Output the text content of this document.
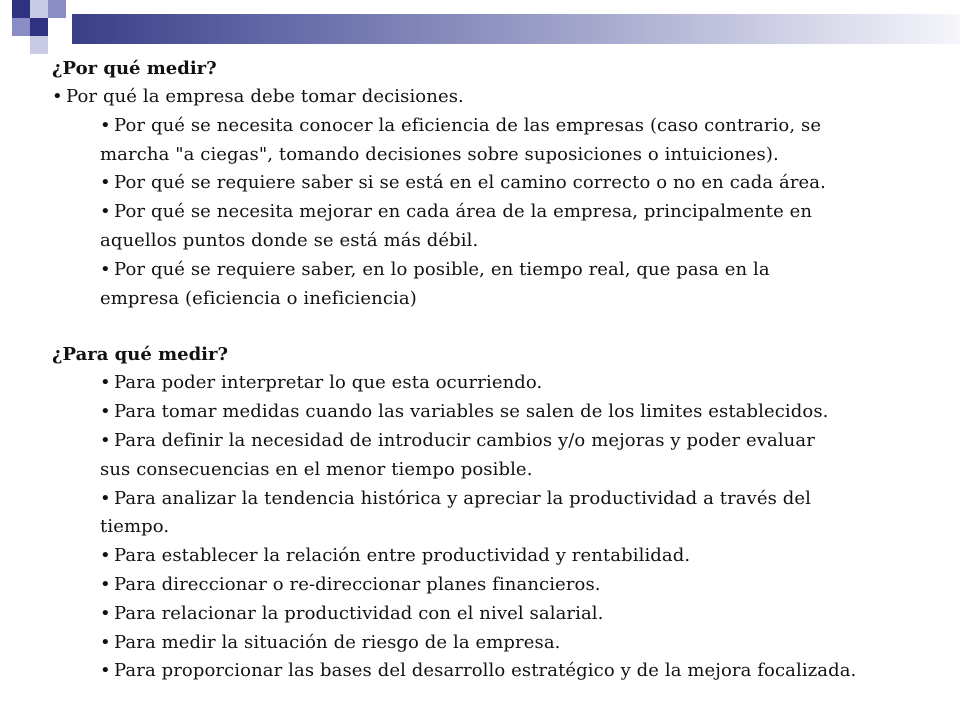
¿Por qué medir?

• Por qué la empresa debe tomar decisiones.

• Por qué se necesita conocer la eficiencia de las empresas (caso contrario, se

marcha "a ciegas", tomando decisiones sobre suposiciones o intuiciones).

• Por qué se requiere saber si se está en el camino correcto o no en cada área.

• Por qué se necesita mejorar en cada área de la empresa, principalmente en

aquellos puntos donde se está más débil.

• Por qué se requiere saber, en lo posible, en tiempo real, que pasa en la

empresa (eficiencia o ineficiencia)

¿Para qué medir?

• Para poder interpretar lo que esta ocurriendo.

• Para tomar medidas cuando las variables se salen de los limites establecidos.

• Para definir la necesidad de introducir cambios y/o mejoras y poder evaluar

sus consecuencias en el menor tiempo posible.

• Para analizar la tendencia histórica y apreciar la productividad a través del

tiempo.

• Para establecer la relación entre productividad y rentabilidad.

• Para direccionar o re-direccionar planes financieros.

• Para relacionar la productividad con el nivel salarial.

• Para medir la situación de riesgo de la empresa.

• Para proporcionar las bases del desarrollo estratégico y de la mejora focalizada.
